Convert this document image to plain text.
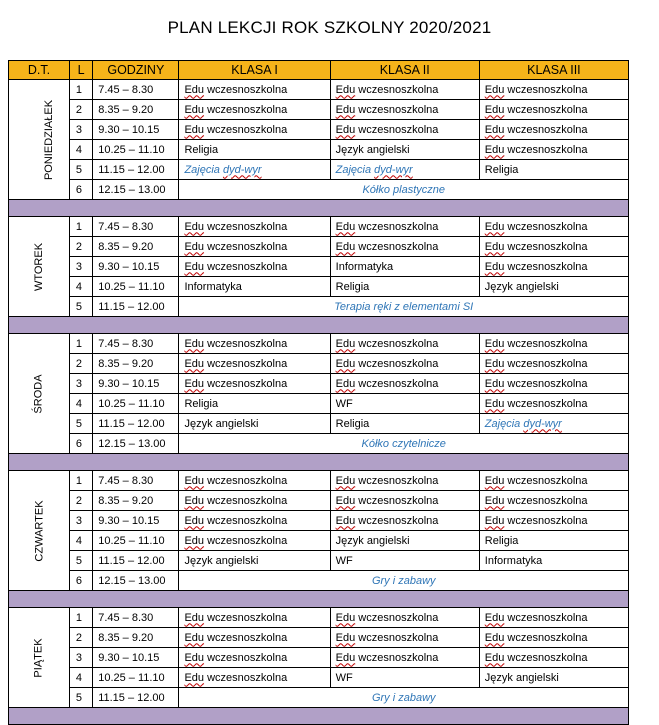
PLAN LEKCJI ROK SZKOLNY 2020/2021
D.T.	L	GODZINY	KLASA I	KLASA II	KLASA III
PONIEDZIAŁEK	1	7.45 – 8.30	Edu wczesnoszkolna	Edu wczesnoszkolna	Edu wczesnoszkolna
	2	8.35 – 9.20	Edu wczesnoszkolna	Edu wczesnoszkolna	Edu wczesnoszkolna
	3	9.30 – 10.15	Edu wczesnoszkolna	Edu wczesnoszkolna	Edu wczesnoszkolna
	4	10.25 – 11.10	Religia	Język angielski	Edu wczesnoszkolna
	5	11.15 – 12.00	Zajęcia dyd-wyr	Zajęcia dyd-wyr	Religia
	6	12.15 – 13.00	Kółko plastyczne		

WTOREK	1	7.45 – 8.30	Edu wczesnoszkolna	Edu wczesnoszkolna	Edu wczesnoszkolna
	2	8.35 – 9.20	Edu wczesnoszkolna	Edu wczesnoszkolna	Edu wczesnoszkolna
	3	9.30 – 10.15	Edu wczesnoszkolna	Informatyka	Edu wczesnoszkolna
	4	10.25 – 11.10	Informatyka	Religia	Język angielski
	5	11.15 – 12.00	Terapia ręki z elementami SI		

ŚRODA	1	7.45 – 8.30	Edu wczesnoszkolna	Edu wczesnoszkolna	Edu wczesnoszkolna
	2	8.35 – 9.20	Edu wczesnoszkolna	Edu wczesnoszkolna	Edu wczesnoszkolna
	3	9.30 – 10.15	Edu wczesnoszkolna	Edu wczesnoszkolna	Edu wczesnoszkolna
	4	10.25 – 11.10	Religia	WF	Edu wczesnoszkolna
	5	11.15 – 12.00	Język angielski	Religia	Zajęcia dyd-wyr
	6	12.15 – 13.00	Kółko czytelnicze		

CZWARTEK	1	7.45 – 8.30	Edu wczesnoszkolna	Edu wczesnoszkolna	Edu wczesnoszkolna
	2	8.35 – 9.20	Edu wczesnoszkolna	Edu wczesnoszkolna	Edu wczesnoszkolna
	3	9.30 – 10.15	Edu wczesnoszkolna	Edu wczesnoszkolna	Edu wczesnoszkolna
	4	10.25 – 11.10	Edu wczesnoszkolna	Język angielski	Religia
	5	11.15 – 12.00	Język angielski	WF	Informatyka
	6	12.15 – 13.00	Gry i zabawy		

PIĄTEK	1	7.45 – 8.30	Edu wczesnoszkolna	Edu wczesnoszkolna	Edu wczesnoszkolna
	2	8.35 – 9.20	Edu wczesnoszkolna	Edu wczesnoszkolna	Edu wczesnoszkolna
	3	9.30 – 10.15	Edu wczesnoszkolna	Edu wczesnoszkolna	Edu wczesnoszkolna
	4	10.25 – 11.10	Edu wczesnoszkolna	WF	Język angielski
	5	11.15 – 12.00	Gry i zabawy		
